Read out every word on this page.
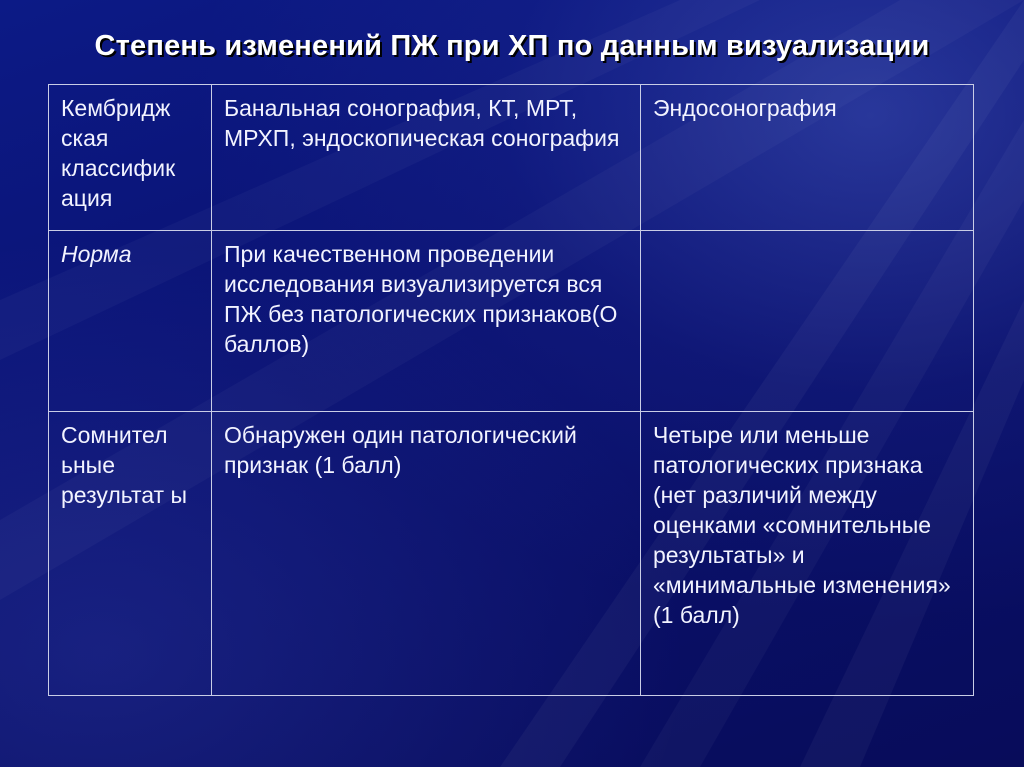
Степень изменений ПЖ при ХП по данным визуализации
Кембридж ская классифик ация	Банальная сонография, КТ, МРТ, МРХП, эндоскопическая сонография	Эндосонография
Норма	При качественном проведении исследования визуализируется вся ПЖ без патологических признаков(О баллов)	
Сомнител ьные результат ы	Обнаружен один патологический признак (1 балл)	Четыре или меньше патологических признака (нет различий между оценками «сомнительные результаты» и «минимальные изменения» (1 балл)
